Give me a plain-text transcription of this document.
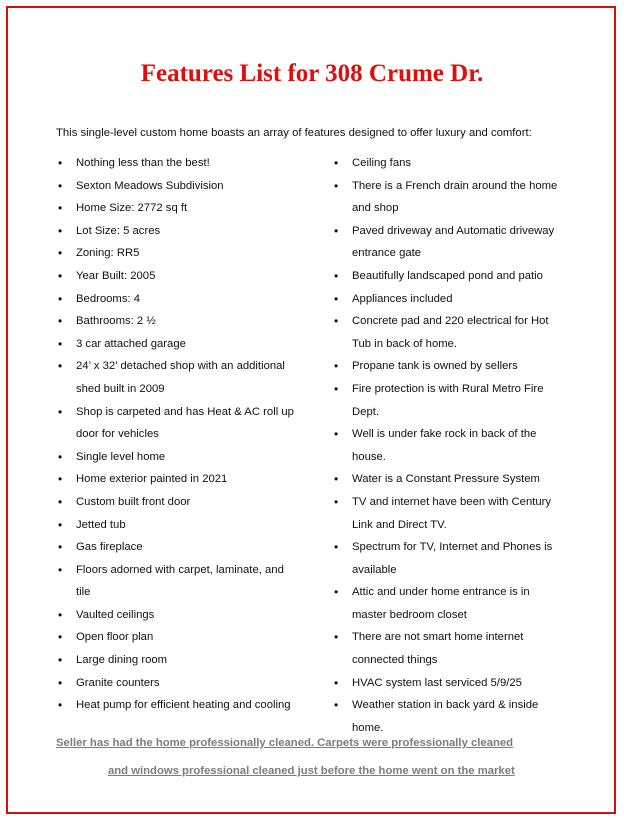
Features List for 308 Crume Dr.
This single-level custom home boasts an array of features designed to offer luxury and comfort:
• Nothing less than the best!
• Sexton Meadows Subdivision
• Home Size: 2772 sq ft
• Lot Size: 5 acres
• Zoning: RR5
• Year Built: 2005
• Bedrooms: 4
• Bathrooms: 2 ½
• 3 car attached garage
• 24’ x 32’ detached shop with an additional shed built in 2009
• Shop is carpeted and has Heat & AC roll up door for vehicles
• Single level home
• Home exterior painted in 2021
• Custom built front door
• Jetted tub
• Gas fireplace
• Floors adorned with carpet, laminate, and tile
• Vaulted ceilings
• Open floor plan
• Large dining room
• Granite counters
• Heat pump for efficient heating and cooling
• Ceiling fans
• There is a French drain around the home and shop
• Paved driveway and Automatic driveway entrance gate
• Beautifully landscaped pond and patio
• Appliances included
• Concrete pad and 220 electrical for Hot Tub in back of home.
• Propane tank is owned by sellers
• Fire protection is with Rural Metro Fire Dept.
• Well is under fake rock in back of the house.
• Water is a Constant Pressure System
• TV and internet have been with Century Link and Direct TV.
• Spectrum for TV, Internet and Phones is available
• Attic and under home entrance is in master bedroom closet
• There are not smart home internet connected things
• HVAC system last serviced 5/9/25
• Weather station in back yard & inside home.
Seller has had the home professionally cleaned. Carpets were professionally cleaned
and windows professional cleaned just before the home went on the market
